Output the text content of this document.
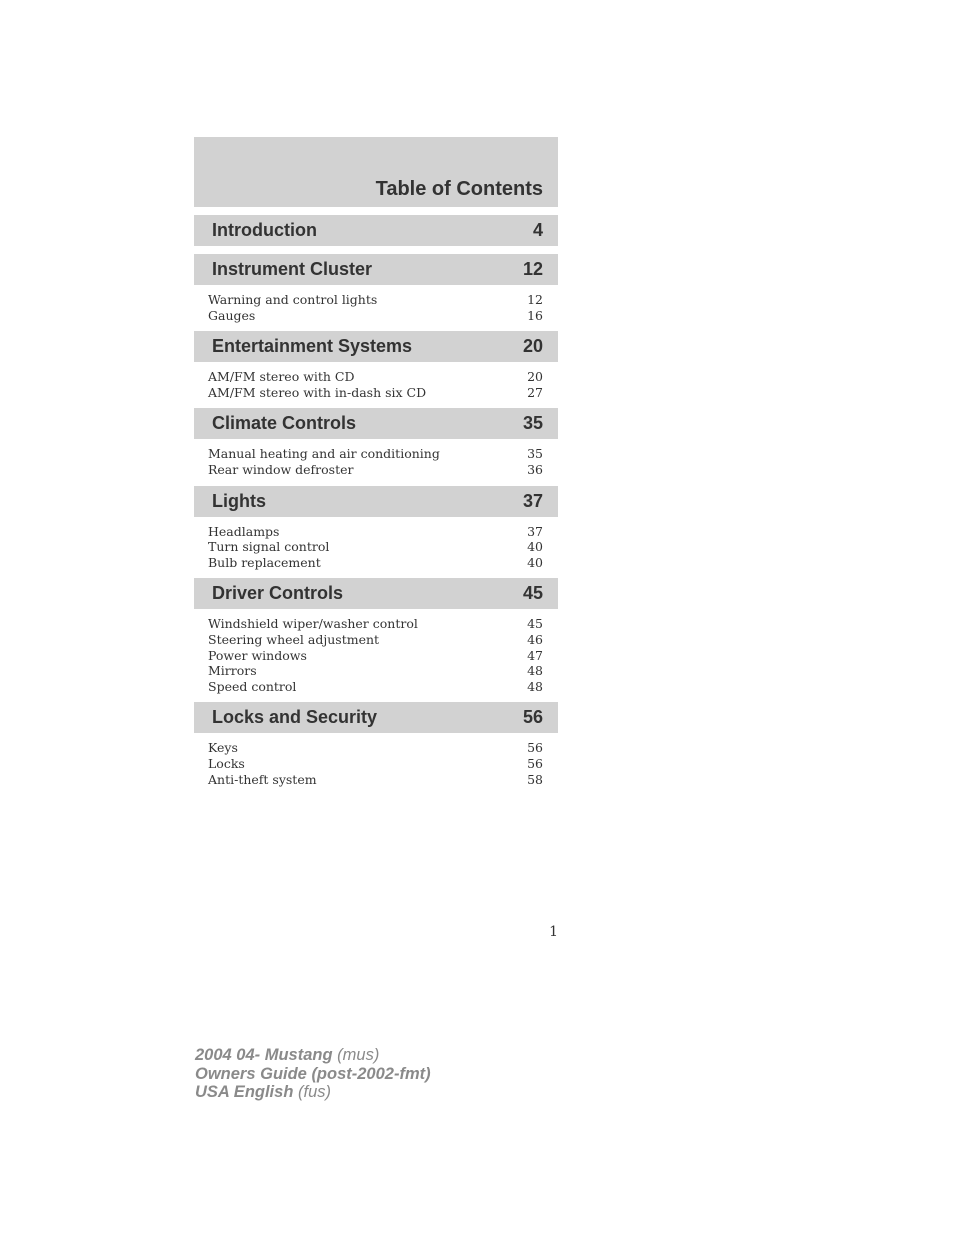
Table of Contents
Introduction	4
Instrument Cluster	12
Warning and control lights	12
Gauges	16
Entertainment Systems	20
AM/FM stereo with CD	20
AM/FM stereo with in-dash six CD	27
Climate Controls	35
Manual heating and air conditioning	35
Rear window defroster	36
Lights	37
Headlamps	37
Turn signal control	40
Bulb replacement	40
Driver Controls	45
Windshield wiper/washer control	45
Steering wheel adjustment	46
Power windows	47
Mirrors	48
Speed control	48
Locks and Security	56
Keys	56
Locks	56
Anti-theft system	58
1
2004 04- Mustang (mus)
Owners Guide (post-2002-fmt)
USA English (fus)
